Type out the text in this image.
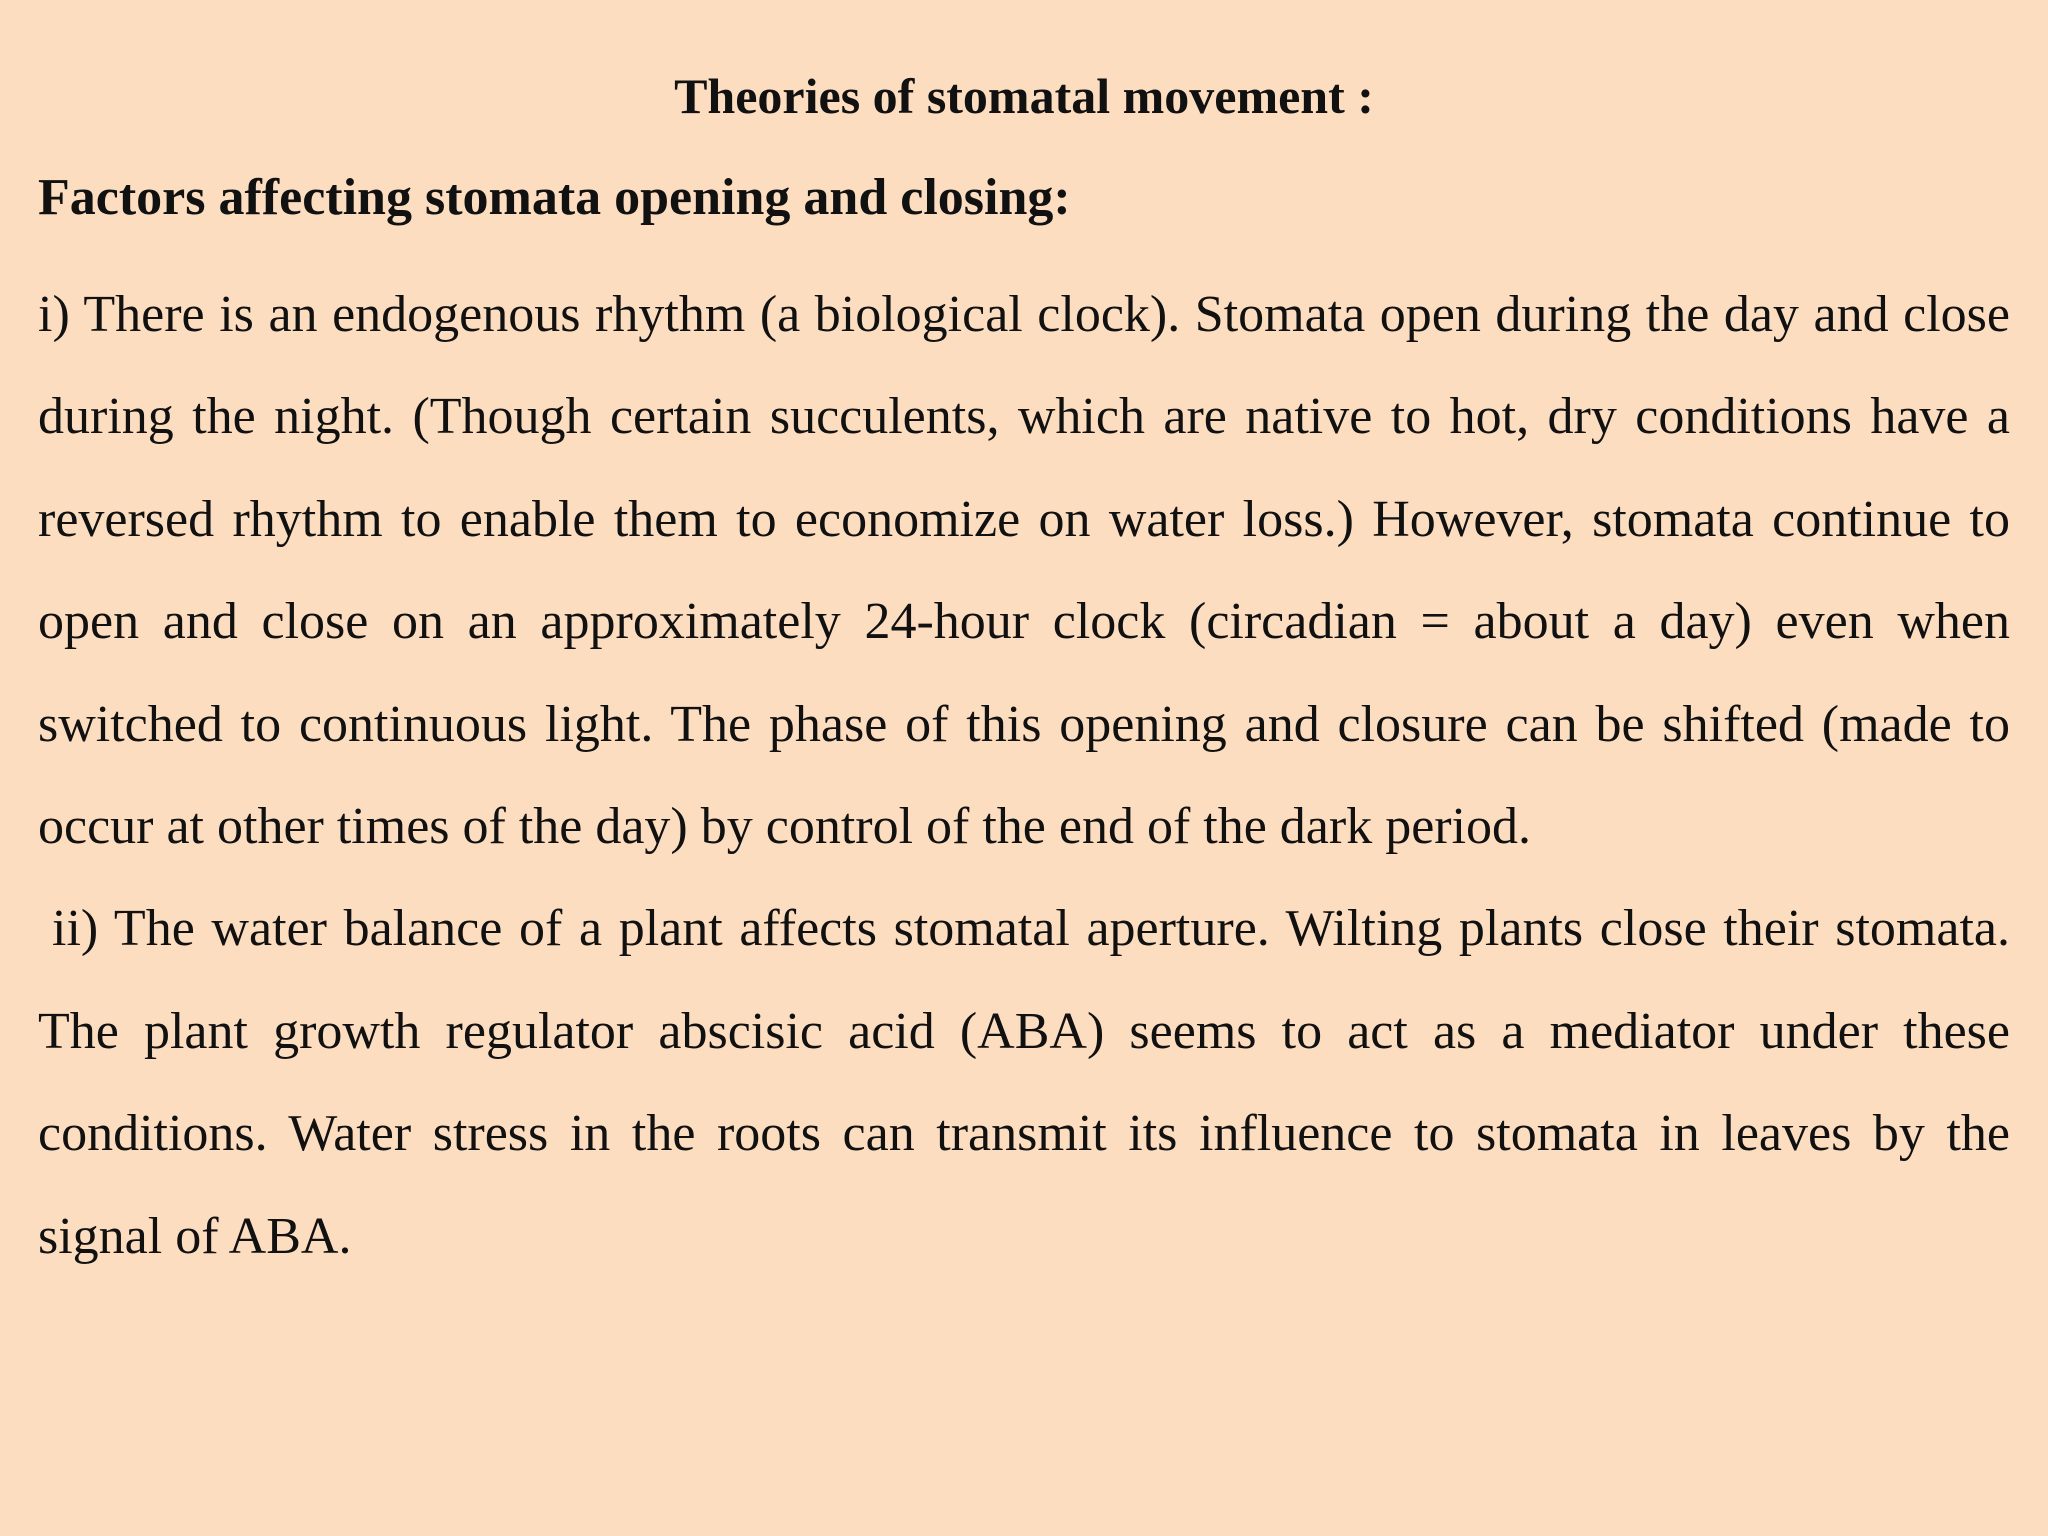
Theories of stomatal movement :
Factors affecting stomata opening and closing:

i) There is an endogenous rhythm (a biological clock). Stomata open during the day and close during the night. (Though certain succulents, which are native to hot, dry conditions have a reversed rhythm to enable them to economize on water loss.) However, stomata continue to open and close on an approximately 24-hour clock (circadian = about a day) even when switched to continuous light. The phase of this opening and closure can be shifted (made to occur at other times of the day) by control of the end of the dark period.

ii) The water balance of a plant affects stomatal aperture. Wilting plants close their stomata. The plant growth regulator abscisic acid (ABA) seems to act as a mediator under these conditions. Water stress in the roots can transmit its influence to stomata in leaves by the signal of ABA.
